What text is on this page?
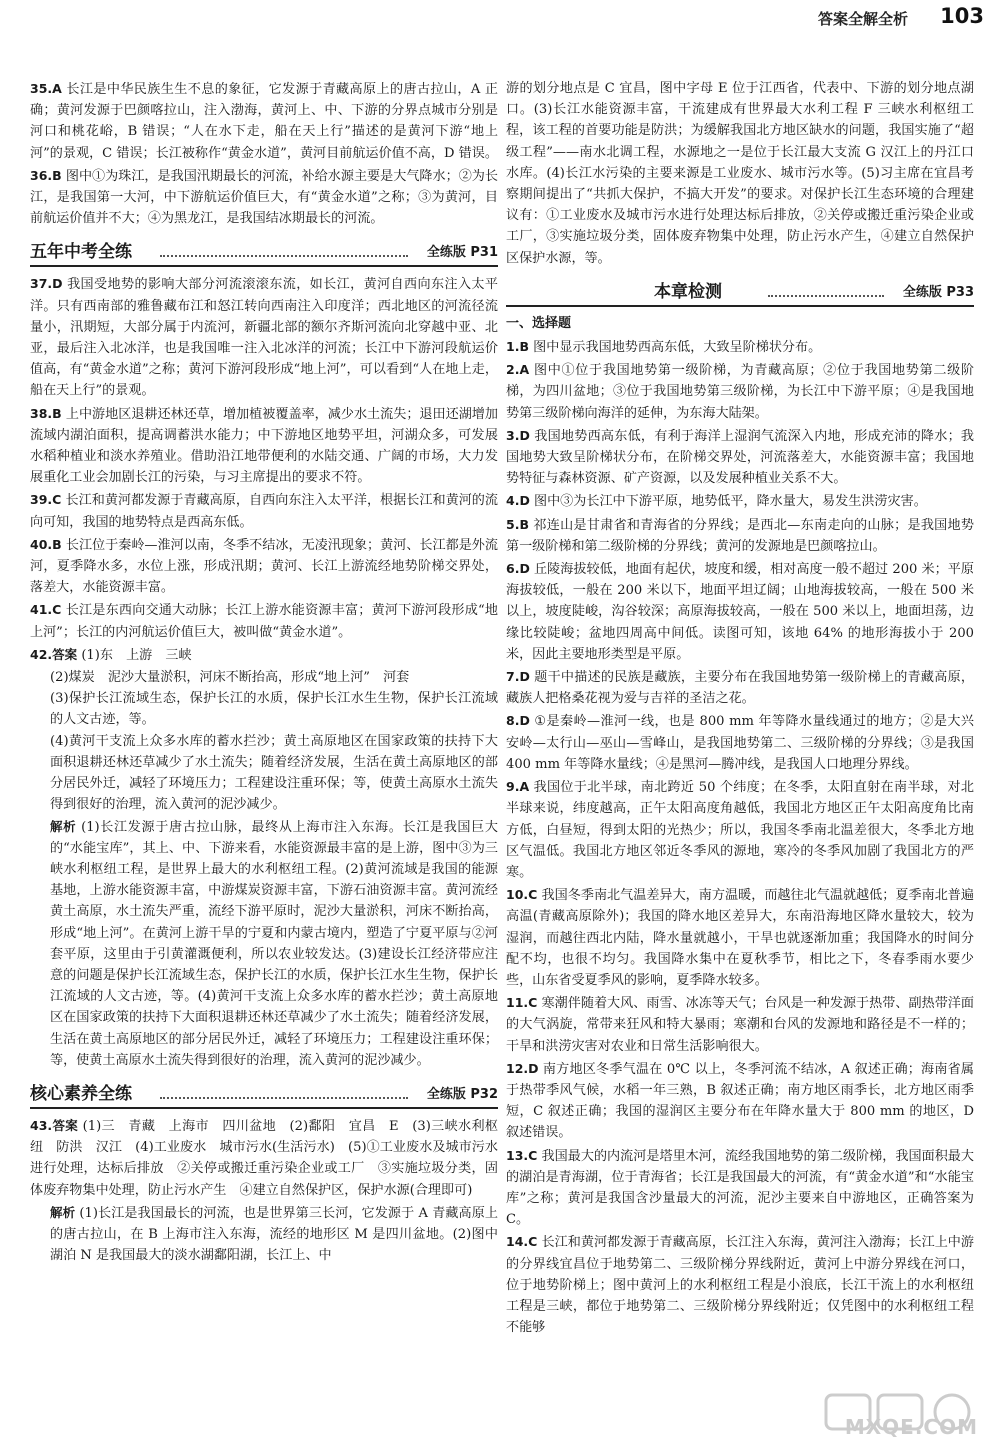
答案全解全析 103

35.A 长江是中华民族生生不息的象征，它发源于青藏高原上的唐古拉山，A 正确；黄河发源于巴颜喀拉山，注入渤海，黄河上、中、下游的分界点城市分别是河口和桃花峪，B 错误；“人在水下走，船在天上行”描述的是黄河下游“地上河”的景观，C 错误；长江被称作“黄金水道”，黄河目前航运价值不高，D 错误。

36.B 图中①为珠江，是我国汛期最长的河流，补给水源主要是大气降水；②为长江，是我国第一大河，中下游航运价值巨大，有“黄金水道”之称；③为黄河，目前航运价值并不大；④为黑龙江，是我国结冰期最长的河流。

五年中考全练	全练版 P31

37.D 我国受地势的影响大部分河流滚滚东流，如长江，黄河自西向东注入太平洋。只有西南部的雅鲁藏布江和怒江转向西南注入印度洋；西北地区的河流径流量小，汛期短，大部分属于内流河，新疆北部的额尔齐斯河流向北穿越中亚、北亚，最后注入北冰洋，也是我国唯一注入北冰洋的河流；长江中下游河段航运价值高，有“黄金水道”之称；黄河下游河段形成“地上河”，可以看到“人在地上走，船在天上行”的景观。

38.B 上中游地区退耕还林还草，增加植被覆盖率，减少水土流失；退田还湖增加流域内湖泊面积，提高调蓄洪水能力；中下游地区地势平坦，河湖众多，可发展水稻种植业和淡水养殖业。借助沿江地带便利的水陆交通、广阔的市场，大力发展重化工业会加剧长江的污染，与习主席提出的要求不符。

39.C 长江和黄河都发源于青藏高原，自西向东注入太平洋，根据长江和黄河的流向可知，我国的地势特点是西高东低。

40.B 长江位于秦岭—淮河以南，冬季不结冰，无凌汛现象；黄河、长江都是外流河，夏季降水多，水位上涨，形成汛期；黄河、长江上游流经地势阶梯交界处，落差大，水能资源丰富。

41.C 长江是东西向交通大动脉；长江上游水能资源丰富；黄河下游河段形成“地上河”；长江的内河航运价值巨大，被叫做“黄金水道”。

42.答案 (1)东　上游　三峡

(2)煤炭　泥沙大量淤积，河床不断抬高，形成“地上河”　河套

(3)保护长江流域生态，保护长江的水质，保护长江水生生物，保护长江流域的人文古迹，等。

(4)黄河干支流上众多水库的蓄水拦沙；黄土高原地区在国家政策的扶持下大面积退耕还林还草减少了水土流失；随着经济发展，生活在黄土高原地区的部分居民外迁，减轻了环境压力；工程建设注重环保；等，使黄土高原水土流失得到很好的治理，流入黄河的泥沙减少。

解析 (1)长江发源于唐古拉山脉，最终从上海市注入东海。长江是我国巨大的“水能宝库”，其上、中、下游来看，水能资源最丰富的是上游，图中③为三峡水利枢纽工程，是世界上最大的水利枢纽工程。(2)黄河流域是我国的能源基地，上游水能资源丰富，中游煤炭资源丰富，下游石油资源丰富。黄河流经黄土高原，水土流失严重，流经下游平原时，泥沙大量淤积，河床不断抬高，形成“地上河”。在黄河上游干旱的宁夏和内蒙古境内，塑造了宁夏平原与②河套平原，这里由于引黄灌溉便利，所以农业较发达。(3)建设长江经济带应注意的问题是保护长江流域生态，保护长江的水质，保护长江水生生物，保护长江流域的人文古迹，等。(4)黄河干支流上众多水库的蓄水拦沙；黄土高原地区在国家政策的扶持下大面积退耕还林还草减少了水土流失；随着经济发展，生活在黄土高原地区的部分居民外迁，减轻了环境压力；工程建设注重环保；等，使黄土高原水土流失得到很好的治理，流入黄河的泥沙减少。

核心素养全练	全练版 P32

43.答案 (1)三　青藏　上海市　四川盆地　(2)鄱阳　宜昌　E　(3)三峡水利枢纽　防洪　汉江　(4)工业废水　城市污水(生活污水)　(5)①工业废水及城市污水进行处理，达标后排放　②关停或搬迁重污染企业或工厂　③实施垃圾分类，固体废弃物集中处理，防止污水产生　④建立自然保护区，保护水源(合理即可)

解析 (1)长江是我国最长的河流，也是世界第三长河，它发源于 A 青藏高原上的唐古拉山，在 B 上海市注入东海，流经的地形区 M 是四川盆地。(2)图中湖泊 N 是我国最大的淡水湖鄱阳湖，长江上、中

游的划分地点是 C 宜昌，图中字母 E 位于江西省，代表中、下游的划分地点湖口。(3)长江水能资源丰富，干流建成有世界最大水利工程 F 三峡水利枢纽工程，该工程的首要功能是防洪；为缓解我国北方地区缺水的问题，我国实施了“超级工程”——南水北调工程，水源地之一是位于长江最大支流 G 汉江上的丹江口水库。(4)长江水污染的主要来源是工业废水、城市污水等。(5)习主席在宜昌考察期间提出了“共抓大保护，不搞大开发”的要求。对保护长江生态环境的合理建议有：①工业废水及城市污水进行处理达标后排放，②关停或搬迁重污染企业或工厂，③实施垃圾分类，固体废弃物集中处理，防止污水产生，④建立自然保护区保护水源，等。

本章检测	全练版 P33
一、选择题

1.B 图中显示我国地势西高东低，大致呈阶梯状分布。

2.A 图中①位于我国地势第一级阶梯，为青藏高原；②位于我国地势第二级阶梯，为四川盆地；③位于我国地势第三级阶梯，为长江中下游平原；④是我国地势第三级阶梯向海洋的延伸，为东海大陆架。

3.D 我国地势西高东低，有利于海洋上湿润气流深入内地，形成充沛的降水；我国地势大致呈阶梯状分布，在阶梯交界处，河流落差大，水能资源丰富；我国地势特征与森林资源、矿产资源，以及发展种植业关系不大。

4.D 图中③为长江中下游平原，地势低平，降水量大，易发生洪涝灾害。

5.B 祁连山是甘肃省和青海省的分界线；是西北—东南走向的山脉；是我国地势第一级阶梯和第二级阶梯的分界线；黄河的发源地是巴颜喀拉山。

6.D 丘陵海拔较低，地面有起伏，坡度和缓，相对高度一般不超过 200 米；平原海拔较低，一般在 200 米以下，地面平坦辽阔；山地海拔较高，一般在 500 米以上，坡度陡峻，沟谷较深；高原海拔较高，一般在 500 米以上，地面坦荡，边缘比较陡峻；盆地四周高中间低。读图可知，该地 64% 的地形海拔小于 200 米，因此主要地形类型是平原。

7.D 题干中描述的民族是藏族，主要分布在我国地势第一级阶梯上的青藏高原，藏族人把格桑花视为爱与吉祥的圣洁之花。

8.D ①是秦岭—淮河一线，也是 800 mm 年等降水量线通过的地方；②是大兴安岭—太行山—巫山—雪峰山，是我国地势第二、三级阶梯的分界线；③是我国 400 mm 年等降水量线；④是黑河—腾冲线，是我国人口地理分界线。

9.A 我国位于北半球，南北跨近 50 个纬度；在冬季，太阳直射在南半球，对北半球来说，纬度越高，正午太阳高度角越低，我国北方地区正午太阳高度角比南方低，白昼短，得到太阳的光热少；所以，我国冬季南北温差很大，冬季北方地区气温低。我国北方地区邻近冬季风的源地，寒冷的冬季风加剧了我国北方的严寒。

10.C 我国冬季南北气温差异大，南方温暖，而越往北气温就越低；夏季南北普遍高温(青藏高原除外)；我国的降水地区差异大，东南沿海地区降水量较大，较为湿润，而越往西北内陆，降水量就越小，干旱也就逐渐加重；我国降水的时间分配不均，也很不均匀。我国降水集中在夏秋季节，相比之下，冬春季雨水要少些，山东省受夏季风的影响，夏季降水较多。

11.C 寒潮伴随着大风、雨雪、冰冻等天气；台风是一种发源于热带、副热带洋面的大气涡旋，常带来狂风和特大暴雨；寒潮和台风的发源地和路径是不一样的；干旱和洪涝灾害对农业和日常生活影响很大。

12.D 南方地区冬季气温在 0℃ 以上，冬季河流不结冰，A 叙述正确；海南省属于热带季风气候，水稻一年三熟，B 叙述正确；南方地区雨季长，北方地区雨季短，C 叙述正确；我国的湿润区主要分布在年降水量大于 800 mm 的地区，D 叙述错误。

13.C 我国最大的内流河是塔里木河，流经我国地势的第二级阶梯，我国面积最大的湖泊是青海湖，位于青海省；长江是我国最大的河流，有“黄金水道”和“水能宝库”之称；黄河是我国含沙量最大的河流，泥沙主要来自中游地区，正确答案为 C。

14.C 长江和黄河都发源于青藏高原，长江注入东海，黄河注入渤海；长江上中游的分界线宜昌位于地势第二、三级阶梯分界线附近，黄河上中游分界线在河口，位于地势阶梯上；图中黄河上的水利枢纽工程是小浪底，长江干流上的水利枢纽工程是三峡，都位于地势第二、三级阶梯分界线附近；仅凭图中的水利枢纽工程不能够

MXQE.COM
